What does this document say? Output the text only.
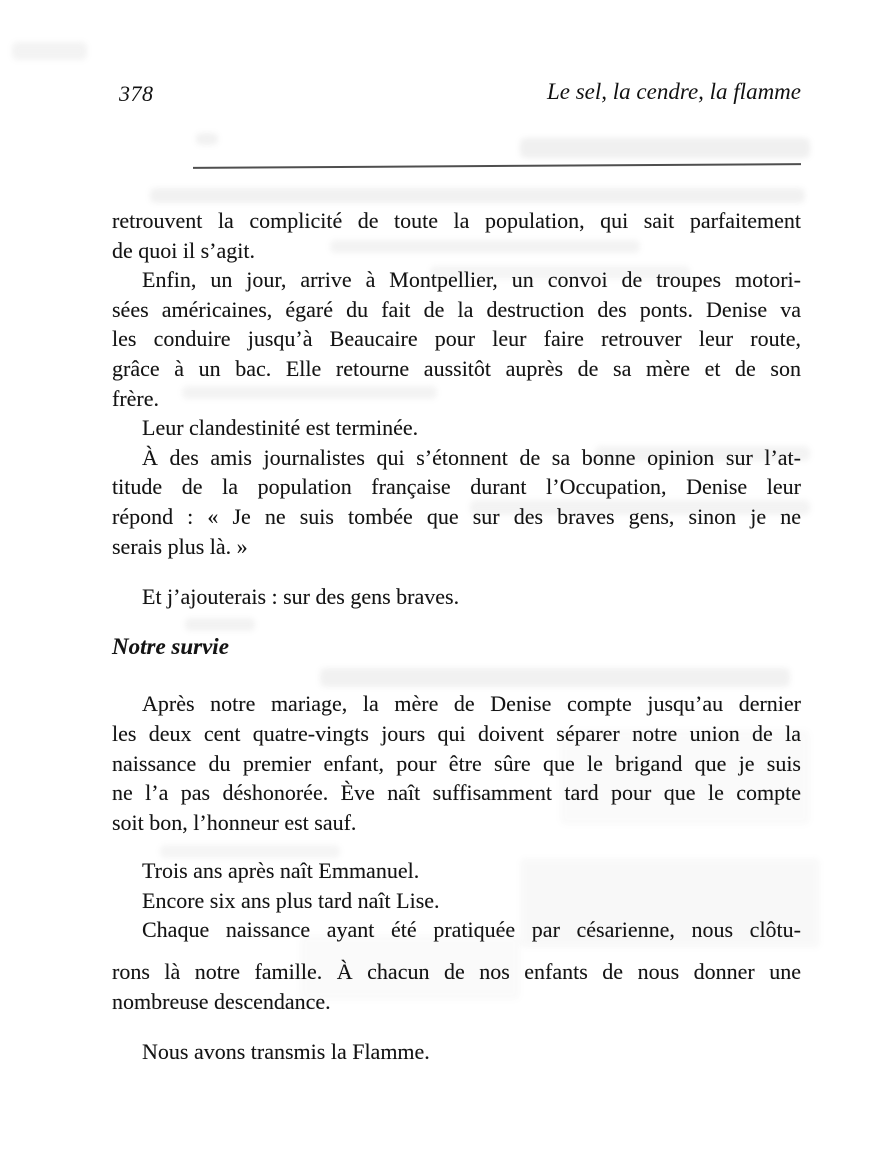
378	Le sel, la cendre, la flamme
retrouvent la complicité de toute la population, qui sait parfaitement
de quoi il s’agit.
Enfin, un jour, arrive à Montpellier, un convoi de troupes motori-
sées américaines, égaré du fait de la destruction des ponts. Denise va
les conduire jusqu’à Beaucaire pour leur faire retrouver leur route,
grâce à un bac. Elle retourne aussitôt auprès de sa mère et de son
frère.
Leur clandestinité est terminée.
À des amis journalistes qui s’étonnent de sa bonne opinion sur l’at-
titude de la population française durant l’Occupation, Denise leur
répond : « Je ne suis tombée que sur des braves gens, sinon je ne
serais plus là. »
Et j’ajouterais : sur des gens braves.
Notre survie
Après notre mariage, la mère de Denise compte jusqu’au dernier
les deux cent quatre-vingts jours qui doivent séparer notre union de la
naissance du premier enfant, pour être sûre que le brigand que je suis
ne l’a pas déshonorée. Ève naît suffisamment tard pour que le compte
soit bon, l’honneur est sauf.
Trois ans après naît Emmanuel.
Encore six ans plus tard naît Lise.
Chaque naissance ayant été pratiquée par césarienne, nous clôtu-
rons là notre famille. À chacun de nos enfants de nous donner une
nombreuse descendance.
Nous avons transmis la Flamme.
